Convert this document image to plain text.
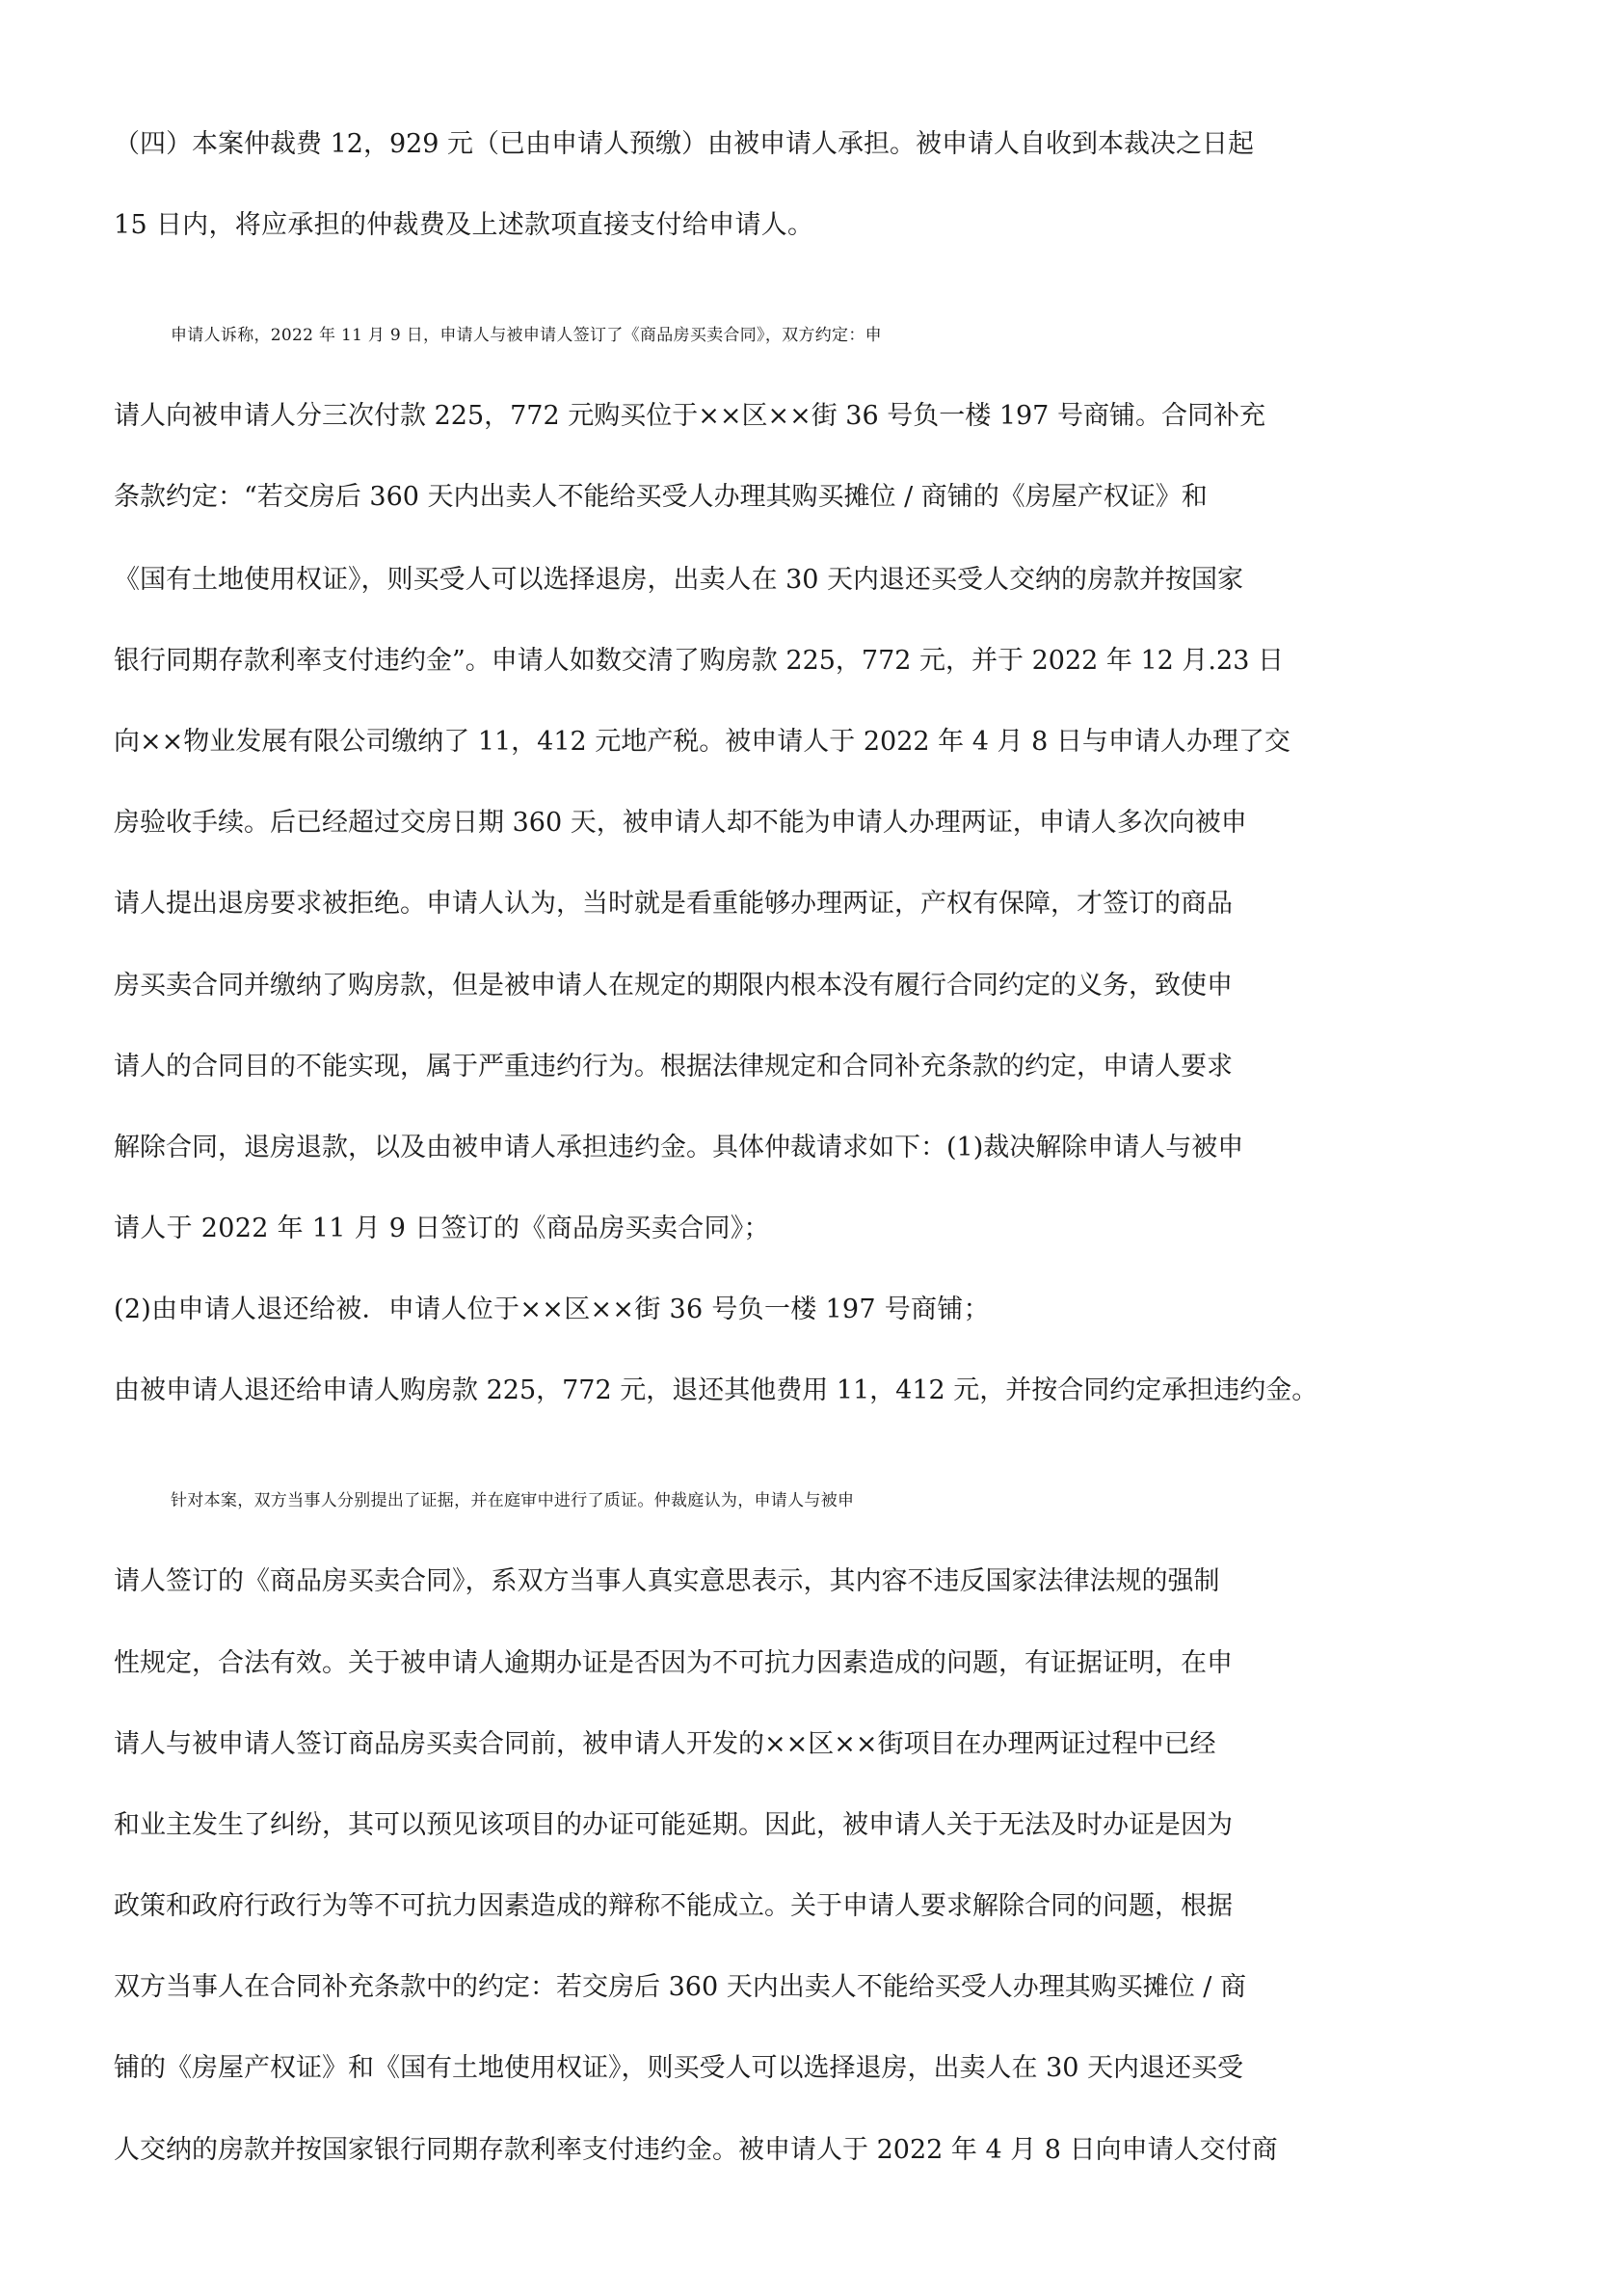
（四）本案仲裁费 12，929 元（已由申请人预缴）由被申请人承担。被申请人自收到本裁决之日起
15 日内，将应承担的仲裁费及上述款项直接支付给申请人。
申请人诉称，2022 年 11 月 9 日，申请人与被申请人签订了《商品房买卖合同》，双方约定：申
请人向被申请人分三次付款 225，772 元购买位于××区××街 36 号负一楼 197 号商铺。合同补充
条款约定：“若交房后 360 天内出卖人不能给买受人办理其购买摊位 / 商铺的《房屋产权证》和
《国有土地使用权证》，则买受人可以选择退房，出卖人在 30 天内退还买受人交纳的房款并按国家
银行同期存款利率支付违约金”。申请人如数交清了购房款 225，772 元，并于 2022 年 12 月.23 日
向××物业发展有限公司缴纳了 11，412 元地产税。被申请人于 2022 年 4 月 8 日与申请人办理了交
房验收手续。后已经超过交房日期 360 天，被申请人却不能为申请人办理两证，申请人多次向被申
请人提出退房要求被拒绝。申请人认为，当时就是看重能够办理两证，产权有保障，才签订的商品
房买卖合同并缴纳了购房款，但是被申请人在规定的期限内根本没有履行合同约定的义务，致使申
请人的合同目的不能实现，属于严重违约行为。根据法律规定和合同补充条款的约定，申请人要求
解除合同，退房退款，以及由被申请人承担违约金。具体仲裁请求如下：(1)裁决解除申请人与被申
请人于 2022 年 11 月 9 日签订的《商品房买卖合同》；
(2)由申请人退还给被．申请人位于××区××街 36 号负一楼 197 号商铺；
由被申请人退还给申请人购房款 225，772 元，退还其他费用 11，412 元，并按合同约定承担违约金。
针对本案，双方当事人分别提出了证据，并在庭审中进行了质证。仲裁庭认为，申请人与被申
请人签订的《商品房买卖合同》，系双方当事人真实意思表示，其内容不违反国家法律法规的强制
性规定，合法有效。关于被申请人逾期办证是否因为不可抗力因素造成的问题，有证据证明，在申
请人与被申请人签订商品房买卖合同前，被申请人开发的××区××街项目在办理两证过程中已经
和业主发生了纠纷，其可以预见该项目的办证可能延期。因此，被申请人关于无法及时办证是因为
政策和政府行政行为等不可抗力因素造成的辩称不能成立。关于申请人要求解除合同的问题，根据
双方当事人在合同补充条款中的约定：若交房后 360 天内出卖人不能给买受人办理其购买摊位 / 商
铺的《房屋产权证》和《国有土地使用权证》，则买受人可以选择退房，出卖人在 30 天内退还买受
人交纳的房款并按国家银行同期存款利率支付违约金。被申请人于 2022 年 4 月 8 日向申请人交付商
